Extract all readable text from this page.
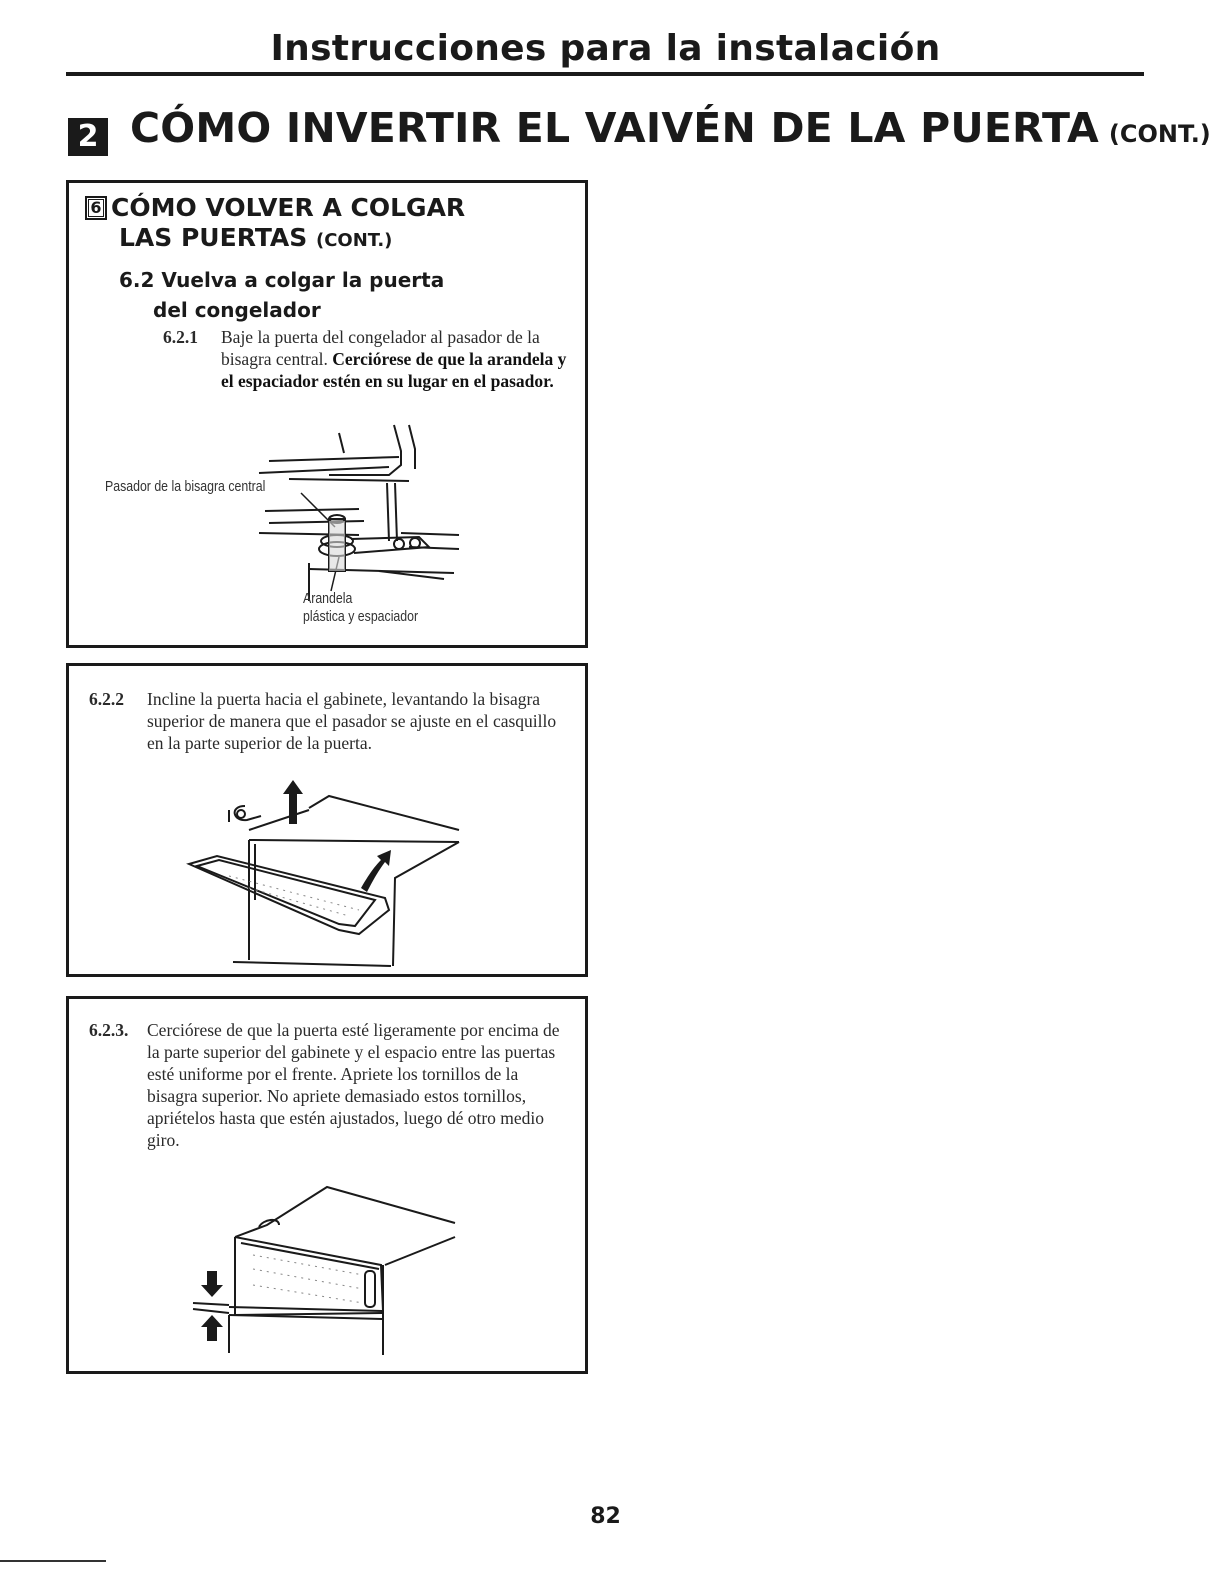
Instrucciones para la instalación
2 CÓMO INVERTIR EL VAIVÉN DE LA PUERTA (CONT.)
6 CÓMO VOLVER A COLGAR
LAS PUERTAS (CONT.)
6.2 Vuelva a colgar la puerta
del congelador
6.2.1	Baje la puerta del congelador al pasador de la bisagra central. Cerciórese de que la arandela y el espaciador estén en su lugar en el pasador.
Pasador de la bisagra central
Arandela
plástica y espaciador
6.2.2	Incline la puerta hacia el gabinete, levantando la bisagra superior de manera que el pasador se ajuste en el casquillo en la parte superior de la puerta.
6.2.3.	Cerciórese de que la puerta esté ligeramente por encima de la parte superior del gabinete y el espacio entre las puertas esté uniforme por el frente. Apriete los tornillos de la bisagra superior. No apriete demasiado estos tornillos, apriételos hasta que estén ajustados, luego dé otro medio giro.
82
